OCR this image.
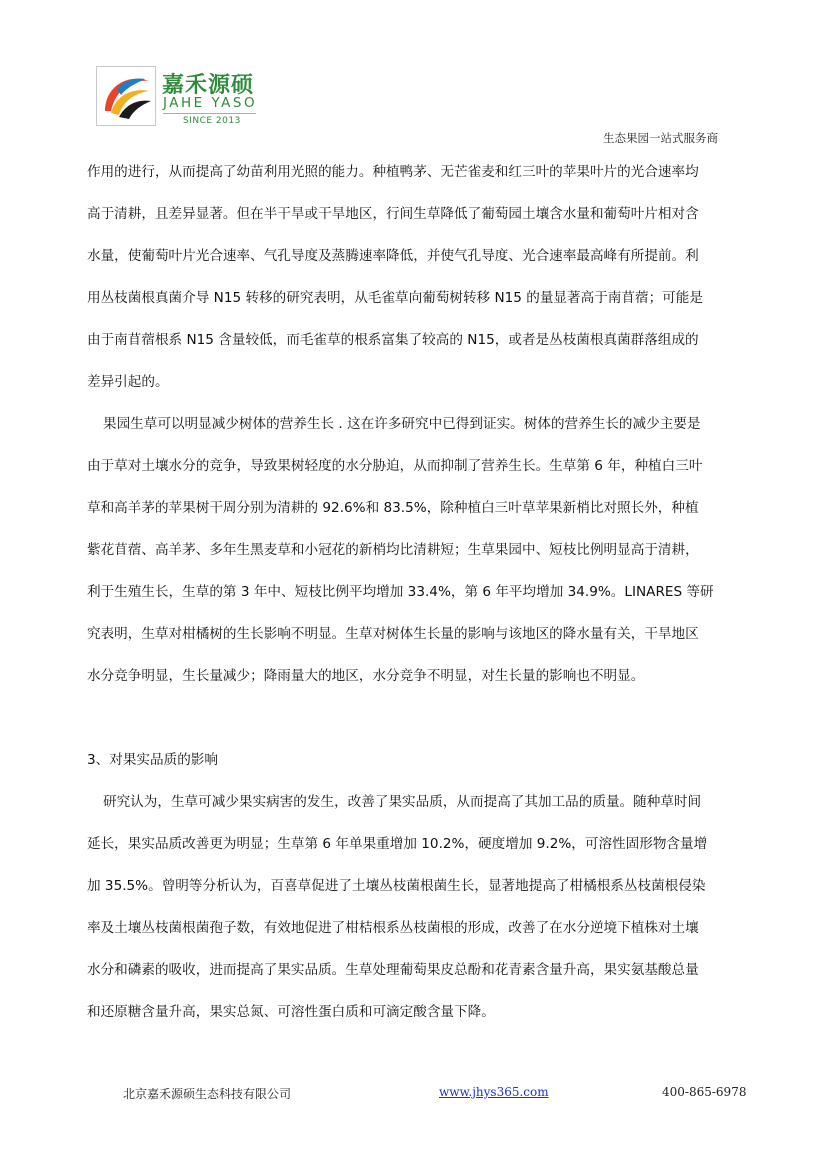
嘉禾源硕
JAHE YASO
SINCE 2013
生态果园一站式服务商
作用的进行，从而提高了幼苗利用光照的能力。种植鸭茅、无芒雀麦和红三叶的苹果叶片的光合速率均
高于清耕，且差异显著。但在半干旱或干旱地区，行间生草降低了葡萄园土壤含水量和葡萄叶片相对含
水量，使葡萄叶片光合速率、气孔导度及蒸腾速率降低，并使气孔导度、光合速率最高峰有所提前。利
用丛枝菌根真菌介导 N15 转移的研究表明，从毛雀草向葡萄树转移 N15 的量显著高于南苜蓿；可能是
由于南苜蓿根系 N15 含量较低，而毛雀草的根系富集了较高的 N15，或者是丛枝菌根真菌群落组成的
差异引起的。
果园生草可以明显减少树体的营养生长 . 这在许多研究中已得到证实。树体的营养生长的减少主要是
由于草对土壤水分的竞争，导致果树轻度的水分胁迫，从而抑制了营养生长。生草第 6 年，种植白三叶
草和高羊茅的苹果树干周分别为清耕的 92.6%和 83.5%，除种植白三叶草苹果新梢比对照长外，种植
紫花苜蓿、高羊茅、多年生黑麦草和小冠花的新梢均比清耕短；生草果园中、短枝比例明显高于清耕，
利于生殖生长，生草的第 3 年中、短枝比例平均增加 33.4%，第 6 年平均增加 34.9%。LINARES 等研
究表明，生草对柑橘树的生长影响不明显。生草对树体生长量的影响与该地区的降水量有关，干旱地区
水分竞争明显，生长量减少；降雨量大的地区，水分竞争不明显，对生长量的影响也不明显。
3、对果实品质的影响
研究认为，生草可减少果实病害的发生，改善了果实品质，从而提高了其加工品的质量。随种草时间
延长，果实品质改善更为明显；生草第 6 年单果重增加 10.2%，硬度增加 9.2%，可溶性固形物含量增
加 35.5%。曾明等分析认为，百喜草促进了土壤丛枝菌根菌生长，显著地提高了柑橘根系丛枝菌根侵染
率及土壤丛枝菌根菌孢子数，有效地促进了柑桔根系丛枝菌根的形成，改善了在水分逆境下植株对土壤
水分和磷素的吸收，进而提高了果实品质。生草处理葡萄果皮总酚和花青素含量升高，果实氨基酸总量
和还原糖含量升高，果实总氮、可溶性蛋白质和可滴定酸含量下降。
北京嘉禾源硕生态科技有限公司	www.jhys365.com	400-865-6978
